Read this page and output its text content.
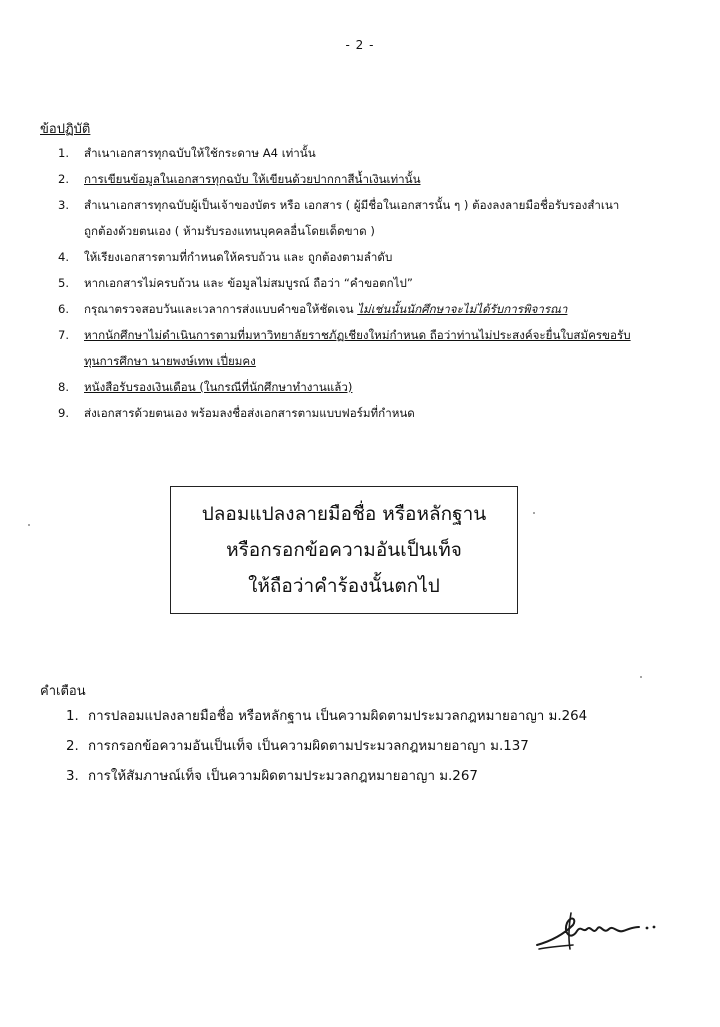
- 2 -
ข้อปฏิบัติ
1. สำเนาเอกสารทุกฉบับให้ใช้กระดาษ A4 เท่านั้น
2. การเขียนข้อมูลในเอกสารทุกฉบับ ให้เขียนด้วยปากกาสีน้ำเงินเท่านั้น
3. สำเนาเอกสารทุกฉบับผู้เป็นเจ้าของบัตร หรือ เอกสาร ( ผู้มีชื่อในเอกสารนั้น ๆ ) ต้องลงลายมือชื่อรับรองสำเนา
ถูกต้องด้วยตนเอง ( ห้ามรับรองแทนบุคคลอื่นโดยเด็ดขาด )
4. ให้เรียงเอกสารตามที่กำหนดให้ครบถ้วน และ ถูกต้องตามลำดับ
5. หากเอกสารไม่ครบถ้วน และ ข้อมูลไม่สมบูรณ์ ถือว่า “คำขอตกไป”
6. กรุณาตรวจสอบวันและเวลาการส่งแบบคำขอให้ชัดเจน ไม่เช่นนั้นนักศึกษาจะไม่ได้รับการพิจารณา
7. หากนักศึกษาไม่ดำเนินการตามที่มหาวิทยาลัยราชภัฏเชียงใหม่กำหนด ถือว่าท่านไม่ประสงค์จะยื่นใบสมัครขอรับ
ทุนการศึกษา นายพงษ์เทพ เปี่ยมคง
8. หนังสือรับรองเงินเดือน (ในกรณีที่นักศึกษาทำงานแล้ว)
9. ส่งเอกสารด้วยตนเอง พร้อมลงชื่อส่งเอกสารตามแบบฟอร์มที่กำหนด
ปลอมแปลงลายมือชื่อ หรือหลักฐาน
หรือกรอกข้อความอันเป็นเท็จ
ให้ถือว่าคำร้องนั้นตกไป
คำเตือน
1. การปลอมแปลงลายมือชื่อ หรือหลักฐาน เป็นความผิดตามประมวลกฎหมายอาญา ม.264
2. การกรอกข้อความอันเป็นเท็จ เป็นความผิดตามประมวลกฎหมายอาญา ม.137
3. การให้สัมภาษณ์เท็จ เป็นความผิดตามประมวลกฎหมายอาญา ม.267
